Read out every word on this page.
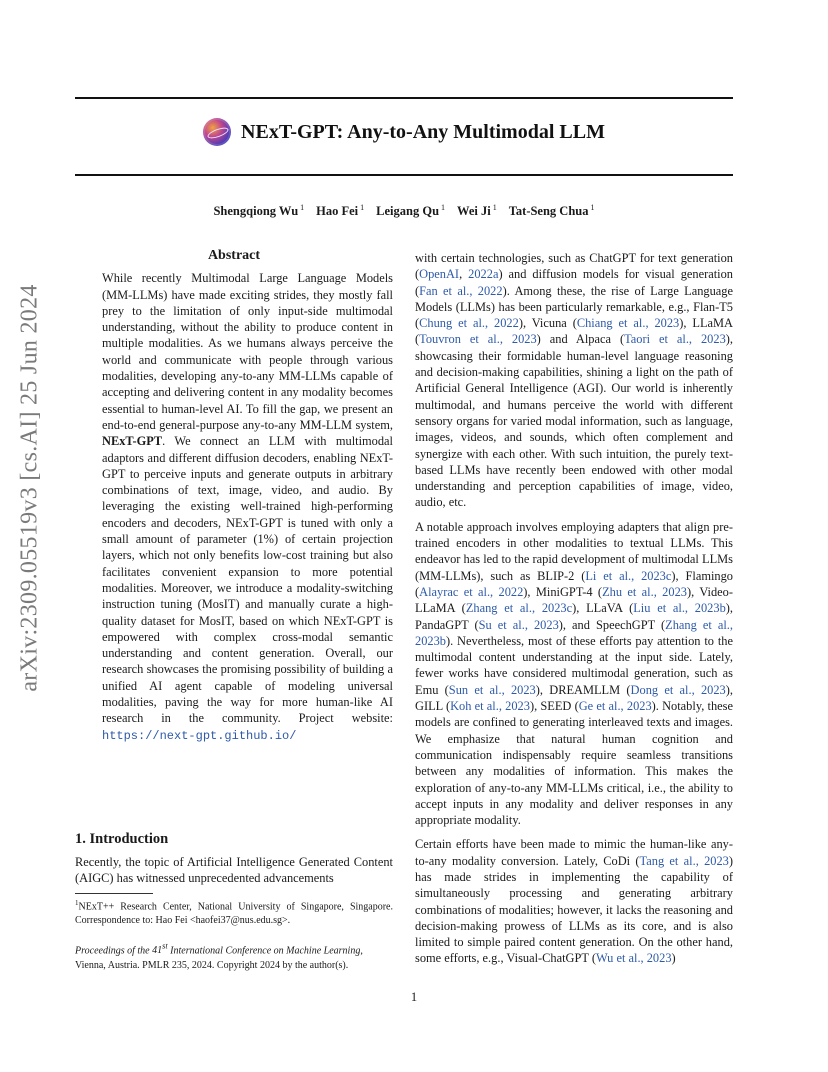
arXiv:2309.05519v3 [cs.AI] 25 Jun 2024
NExT-GPT: Any-to-Any Multimodal LLM
Shengqiong Wu $^1$ Hao Fei $^1$ Leigang Qu $^1$ Wei Ji $^1$ Tat-Seng Chua $^1$
Abstract

While recently Multimodal Large Language Models (MM-LLMs) have made exciting strides, they mostly fall prey to the limitation of only input-side multimodal understanding, without the ability to produce content in multiple modalities. As we humans always perceive the world and communicate with people through various modalities, developing any-to-any MM-LLMs capable of accepting and delivering content in any modality becomes essential to human-level AI. To fill the gap, we present an end-to-end general-purpose any-to-any MM-LLM system, NExT-GPT. We connect an LLM with multimodal adaptors and different diffusion decoders, enabling NExT-GPT to perceive inputs and generate outputs in arbitrary combinations of text, image, video, and audio. By leveraging the existing well-trained high-performing encoders and decoders, NExT-GPT is tuned with only a small amount of parameter (1%) of certain projection layers, which not only benefits low-cost training but also facilitates convenient expansion to more potential modalities. Moreover, we introduce a modality-switching instruction tuning (MosIT) and manually curate a high-quality dataset for MosIT, based on which NExT-GPT is empowered with complex cross-modal semantic understanding and content generation. Overall, our research showcases the promising possibility of building a unified AI agent capable of modeling universal modalities, paving the way for more human-like AI research in the community. Project website: https://next-gpt.github.io/

1. Introduction

Recently, the topic of Artificial Intelligence Generated Content (AIGC) has witnessed unprecedented advancements

$^1$NExT++ Research Center, National University of Singapore, Singapore. Correspondence to: Hao Fei <haofei37@nus.edu.sg>.
Proceedings of the 41st International Conference on Machine Learning, Vienna, Austria. PMLR 235, 2024. Copyright 2024 by the author(s).

with certain technologies, such as ChatGPT for text generation (OpenAI, 2022a) and diffusion models for visual generation (Fan et al., 2022). Among these, the rise of Large Language Models (LLMs) has been particularly remarkable, e.g., Flan-T5 (Chung et al., 2022), Vicuna (Chiang et al., 2023), LLaMA (Touvron et al., 2023) and Alpaca (Taori et al., 2023), showcasing their formidable human-level language reasoning and decision-making capabilities, shining a light on the path of Artificial General Intelligence (AGI). Our world is inherently multimodal, and humans perceive the world with different sensory organs for varied modal information, such as language, images, videos, and sounds, which often complement and synergize with each other. With such intuition, the purely text-based LLMs have recently been endowed with other modal understanding and perception capabilities of image, video, audio, etc.

A notable approach involves employing adapters that align pre-trained encoders in other modalities to textual LLMs. This endeavor has led to the rapid development of multimodal LLMs (MM-LLMs), such as BLIP-2 (Li et al., 2023c), Flamingo (Alayrac et al., 2022), MiniGPT-4 (Zhu et al., 2023), Video-LLaMA (Zhang et al., 2023c), LLaVA (Liu et al., 2023b), PandaGPT (Su et al., 2023), and SpeechGPT (Zhang et al., 2023b). Nevertheless, most of these efforts pay attention to the multimodal content understanding at the input side. Lately, fewer works have considered multimodal generation, such as Emu (Sun et al., 2023), DREAMLLM (Dong et al., 2023), GILL (Koh et al., 2023), SEED (Ge et al., 2023). Notably, these models are confined to generating interleaved texts and images. We emphasize that natural human cognition and communication indispensably require seamless transitions between any modalities of information. This makes the exploration of any-to-any MM-LLMs critical, i.e., the ability to accept inputs in any modality and deliver responses in any appropriate modality.

Certain efforts have been made to mimic the human-like any-to-any modality conversion. Lately, CoDi (Tang et al., 2023) has made strides in implementing the capability of simultaneously processing and generating arbitrary combinations of modalities; however, it lacks the reasoning and decision-making prowess of LLMs as its core, and is also limited to simple paired content generation. On the other hand, some efforts, e.g., Visual-ChatGPT (Wu et al., 2023)

1
